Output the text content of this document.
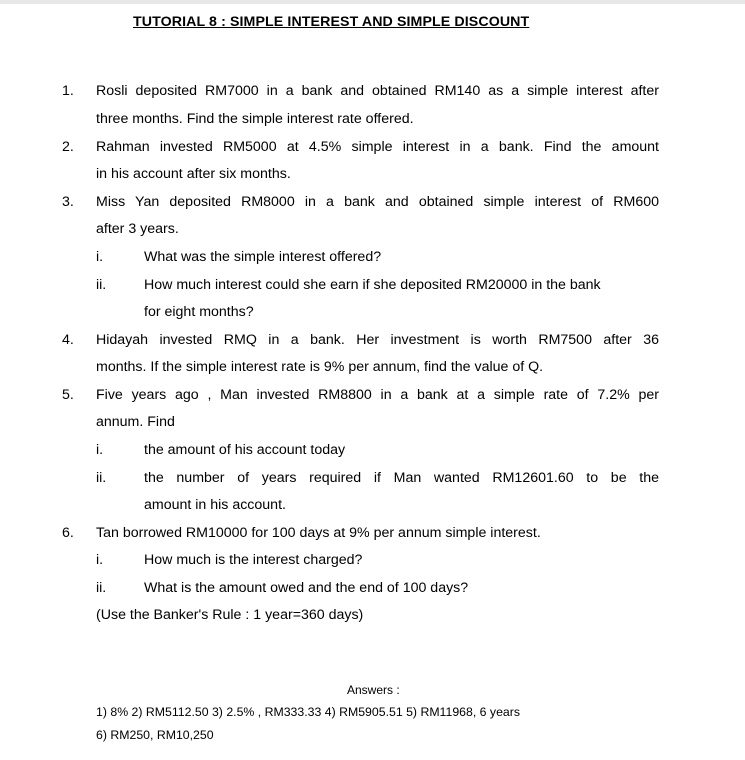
TUTORIAL 8 : SIMPLE INTEREST AND SIMPLE DISCOUNT
1. Rosli deposited RM7000 in a bank and obtained RM140 as a simple interest after
three months. Find the simple interest rate offered.
2. Rahman invested RM5000 at 4.5% simple interest in a bank. Find the amount
in his account after six months.
3. Miss Yan deposited RM8000 in a bank and obtained simple interest of RM600
after 3 years.
i.	What was the simple interest offered?
ii.	How much interest could she earn if she deposited RM20000 in the bank
for eight months?
4. Hidayah invested RMQ in a bank. Her investment is worth RM7500 after 36
months. If the simple interest rate is 9% per annum, find the value of Q.
5. Five years ago , Man invested RM8800 in a bank at a simple rate of 7.2% per
annum. Find
i.	the amount of his account today
ii.	the number of years required if Man wanted RM12601.60 to be the
amount in his account.
6. Tan borrowed RM10000 for 100 days at 9% per annum simple interest.
i.	How much is the interest charged?
ii.	What is the amount owed and the end of 100 days?
(Use the Banker's Rule : 1 year=360 days)
Answers :
1) 8% 2) RM5112.50 3) 2.5% , RM333.33 4) RM5905.51 5) RM11968, 6 years
6) RM250, RM10,250
